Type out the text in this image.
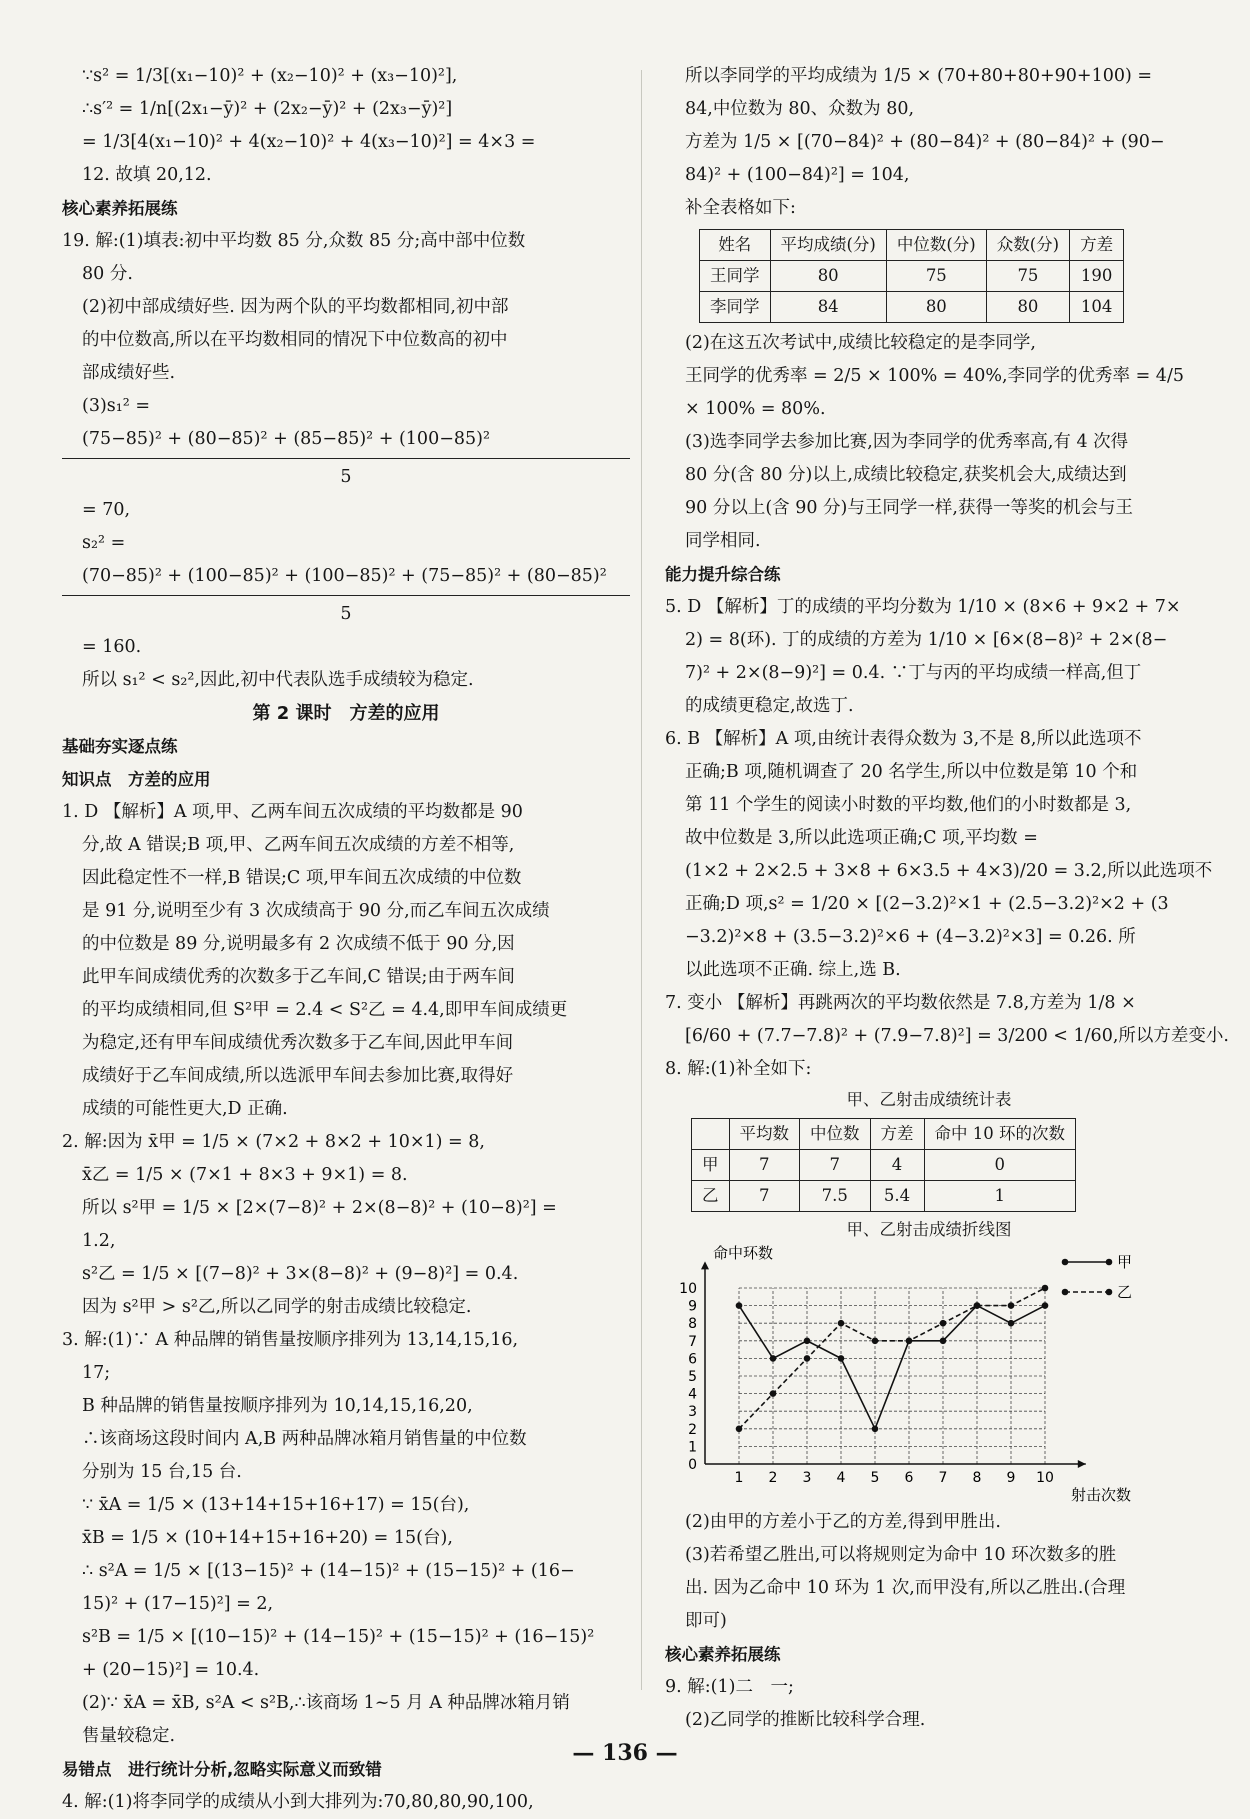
∵s² = 1/3[(x₁−10)² + (x₂−10)² + (x₃−10)²],
∴s′² = 1/n[(2x₁−ȳ)² + (2x₂−ȳ)² + (2x₃−ȳ)²]
= 1/3[4(x₁−10)² + 4(x₂−10)² + 4(x₃−10)²] = 4×3 =
12. 故填 20,12.
核心素养拓展练
19. 解:(1)填表:初中平均数 85 分,众数 85 分;高中部中位数
80 分.
(2)初中部成绩好些. 因为两个队的平均数都相同,初中部
的中位数高,所以在平均数相同的情况下中位数高的初中
部成绩好些.
(3)s₁² =
(75−85)² + (80−85)² + (85−85)² + (100−85)²
5
= 70,
s₂² =
(70−85)² + (100−85)² + (100−85)² + (75−85)² + (80−85)²
5
= 160.
所以 s₁² < s₂²,因此,初中代表队选手成绩较为稳定.
第 2 课时　方差的应用
基础夯实逐点练
知识点　方差的应用
1. D 【解析】A 项,甲、乙两车间五次成绩的平均数都是 90
分,故 A 错误;B 项,甲、乙两车间五次成绩的方差不相等,
因此稳定性不一样,B 错误;C 项,甲车间五次成绩的中位数
是 91 分,说明至少有 3 次成绩高于 90 分,而乙车间五次成绩
的中位数是 89 分,说明最多有 2 次成绩不低于 90 分,因
此甲车间成绩优秀的次数多于乙车间,C 错误;由于两车间
的平均成绩相同,但 S²甲 = 2.4 < S²乙 = 4.4,即甲车间成绩更
为稳定,还有甲车间成绩优秀次数多于乙车间,因此甲车间
成绩好于乙车间成绩,所以选派甲车间去参加比赛,取得好
成绩的可能性更大,D 正确.
2. 解:因为 x̄甲 = 1/5 × (7×2 + 8×2 + 10×1) = 8,
x̄乙 = 1/5 × (7×1 + 8×3 + 9×1) = 8.
所以 s²甲 = 1/5 × [2×(7−8)² + 2×(8−8)² + (10−8)²] =
1.2,
s²乙 = 1/5 × [(7−8)² + 3×(8−8)² + (9−8)²] = 0.4.
因为 s²甲 > s²乙,所以乙同学的射击成绩比较稳定.
3. 解:(1)∵ A 种品牌的销售量按顺序排列为 13,14,15,16,
17;
B 种品牌的销售量按顺序排列为 10,14,15,16,20,
∴该商场这段时间内 A,B 两种品牌冰箱月销售量的中位数
分别为 15 台,15 台.
∵ x̄A = 1/5 × (13+14+15+16+17) = 15(台),
x̄B = 1/5 × (10+14+15+16+20) = 15(台),
∴ s²A = 1/5 × [(13−15)² + (14−15)² + (15−15)² + (16−
15)² + (17−15)²] = 2,
s²B = 1/5 × [(10−15)² + (14−15)² + (15−15)² + (16−15)²
+ (20−15)²] = 10.4.
(2)∵ x̄A = x̄B, s²A < s²B,∴该商场 1~5 月 A 种品牌冰箱月销
售量较稳定.
易错点　进行统计分析,忽略实际意义而致错
4. 解:(1)将李同学的成绩从小到大排列为:70,80,80,90,100,
所以李同学的平均成绩为 1/5 × (70+80+80+90+100) =
84,中位数为 80、众数为 80,
方差为 1/5 × [(70−84)² + (80−84)² + (80−84)² + (90−
84)² + (100−84)²] = 104,
补全表格如下:
姓名	平均成绩(分)	中位数(分)	众数(分)	方差
王同学	80	75	75	190
李同学	84	80	80	104
(2)在这五次考试中,成绩比较稳定的是李同学,
王同学的优秀率 = 2/5 × 100% = 40%,李同学的优秀率 = 4/5
× 100% = 80%.
(3)选李同学去参加比赛,因为李同学的优秀率高,有 4 次得
80 分(含 80 分)以上,成绩比较稳定,获奖机会大,成绩达到
90 分以上(含 90 分)与王同学一样,获得一等奖的机会与王
同学相同.
能力提升综合练
5. D 【解析】丁的成绩的平均分数为 1/10 × (8×6 + 9×2 + 7×
2) = 8(环). 丁的成绩的方差为 1/10 × [6×(8−8)² + 2×(8−
7)² + 2×(8−9)²] = 0.4. ∵丁与丙的平均成绩一样高,但丁
的成绩更稳定,故选丁.
6. B 【解析】A 项,由统计表得众数为 3,不是 8,所以此选项不
正确;B 项,随机调查了 20 名学生,所以中位数是第 10 个和
第 11 个学生的阅读小时数的平均数,他们的小时数都是 3,
故中位数是 3,所以此选项正确;C 项,平均数 =
(1×2 + 2×2.5 + 3×8 + 6×3.5 + 4×3)/20 = 3.2,所以此选项不
正确;D 项,s² = 1/20 × [(2−3.2)²×1 + (2.5−3.2)²×2 + (3
−3.2)²×8 + (3.5−3.2)²×6 + (4−3.2)²×3] = 0.26. 所
以此选项不正确. 综上,选 B.
7. 变小 【解析】再跳两次的平均数依然是 7.8,方差为 1/8 ×
[6/60 + (7.7−7.8)² + (7.9−7.8)²] = 3/200 < 1/60,所以方差变小.
8. 解:(1)补全如下:
甲、乙射击成绩统计表
	平均数	中位数	方差	命中 10 环的次数
甲	7	7	4	0
乙	7	7.5	5.4	1
甲、乙射击成绩折线图
0
1
2
3
4
5
6
7
8
9
10
1 2 3 4 5 6 7 8 9 10
命中环数
射击次数
甲
乙
(2)由甲的方差小于乙的方差,得到甲胜出.
(3)若希望乙胜出,可以将规则定为命中 10 环次数多的胜
出. 因为乙命中 10 环为 1 次,而甲没有,所以乙胜出.(合理
即可)
核心素养拓展练
9. 解:(1)二　一;
(2)乙同学的推断比较科学合理.
— 136 —
